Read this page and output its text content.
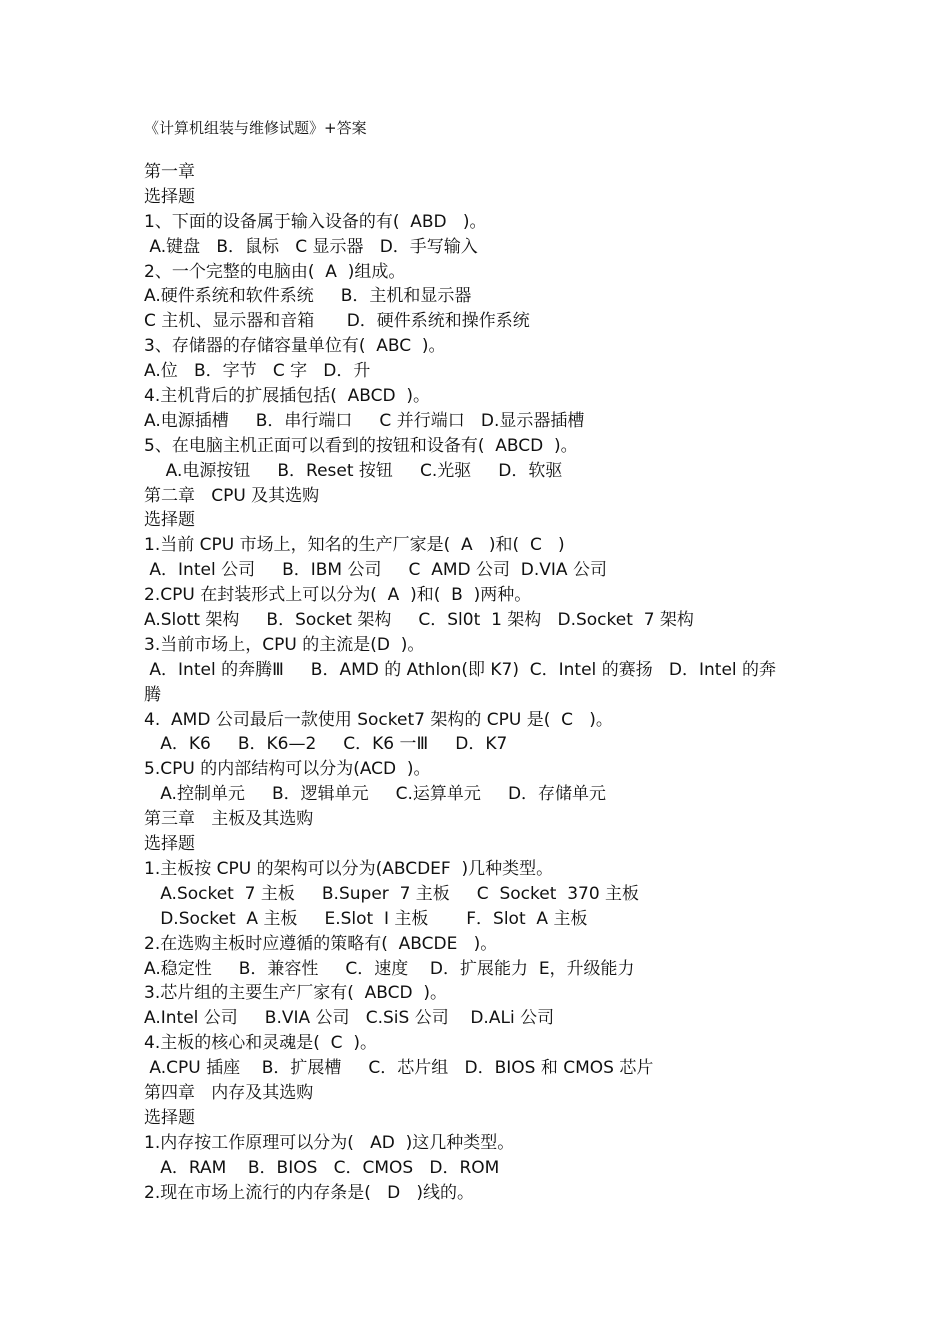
《计算机组装与维修试题》+答案
第一章
选择题
1、下面的设备属于输入设备的有(  ABD   )。
A.键盘   B．鼠标   C 显示器   D．手写输入
2、一个完整的电脑由(  A  )组成。
A.硬件系统和软件系统     B．主机和显示器
C 主机、显示器和音箱      D．硬件系统和操作系统
3、存储器的存储容量单位有(  ABC  )。
A.位   B．字节   C 字   D．升
4.主机背后的扩展插包括(  ABCD  )。
A.电源插槽     B．串行端口     C 并行端口   D.显示器插槽
5、在电脑主机正面可以看到的按钮和设备有(  ABCD  )。
A.电源按钮     B．Reset 按钮     C.光驱     D．软驱
第二章   CPU 及其选购
选择题
1.当前 CPU 市场上，知名的生产厂家是(  A   )和(  C   )
A．Intel 公司     B．IBM 公司     C  AMD 公司  D.VIA 公司
2.CPU 在封装形式上可以分为(  A  )和(  B  )两种。
A.Slott 架构     B．Socket 架构     C．Sl0t  1 架构   D.Socket  7 架构
3.当前市场上，CPU 的主流是(D  )。
A．Intel 的奔腾Ⅲ     B．AMD 的 Athlon(即 K7)  C．Intel 的赛扬   D．Intel 的奔
腾
4.  AMD 公司最后一款使用 Socket7 架构的 CPU 是(  C   )。
A．K6     B．K6—2     C．K6 一Ⅲ     D．K7
5.CPU 的内部结构可以分为(ACD  )。
A.控制单元     B．逻辑单元     C.运算单元     D．存储单元
第三章   主板及其选购
选择题
1.主板按 CPU 的架构可以分为(ABCDEF  )几种类型。
A.Socket  7 主板     B.Super  7 主板     C  Socket  370 主板
D.Socket  A 主板     E.Slot  I 主板       F．Slot  A 主板
2.在选购主板时应遵循的策略有(  ABCDE   )。
A.稳定性     B．兼容性     C．速度    D．扩展能力  E，升级能力
3.芯片组的主要生产厂家有(  ABCD  )。
A.Intel 公司     B.VIA 公司   C.SiS 公司    D.ALi 公司
4.主板的核心和灵魂是(  C  )。
A.CPU 插座    B．扩展槽     C．芯片组   D．BIOS 和 CMOS 芯片
第四章   内存及其选购
选择题
1.内存按工作原理可以分为(   AD  )这几种类型。
A．RAM    B．BIOS   C．CMOS   D．ROM
2.现在市场上流行的内存条是(   D   )线的。
